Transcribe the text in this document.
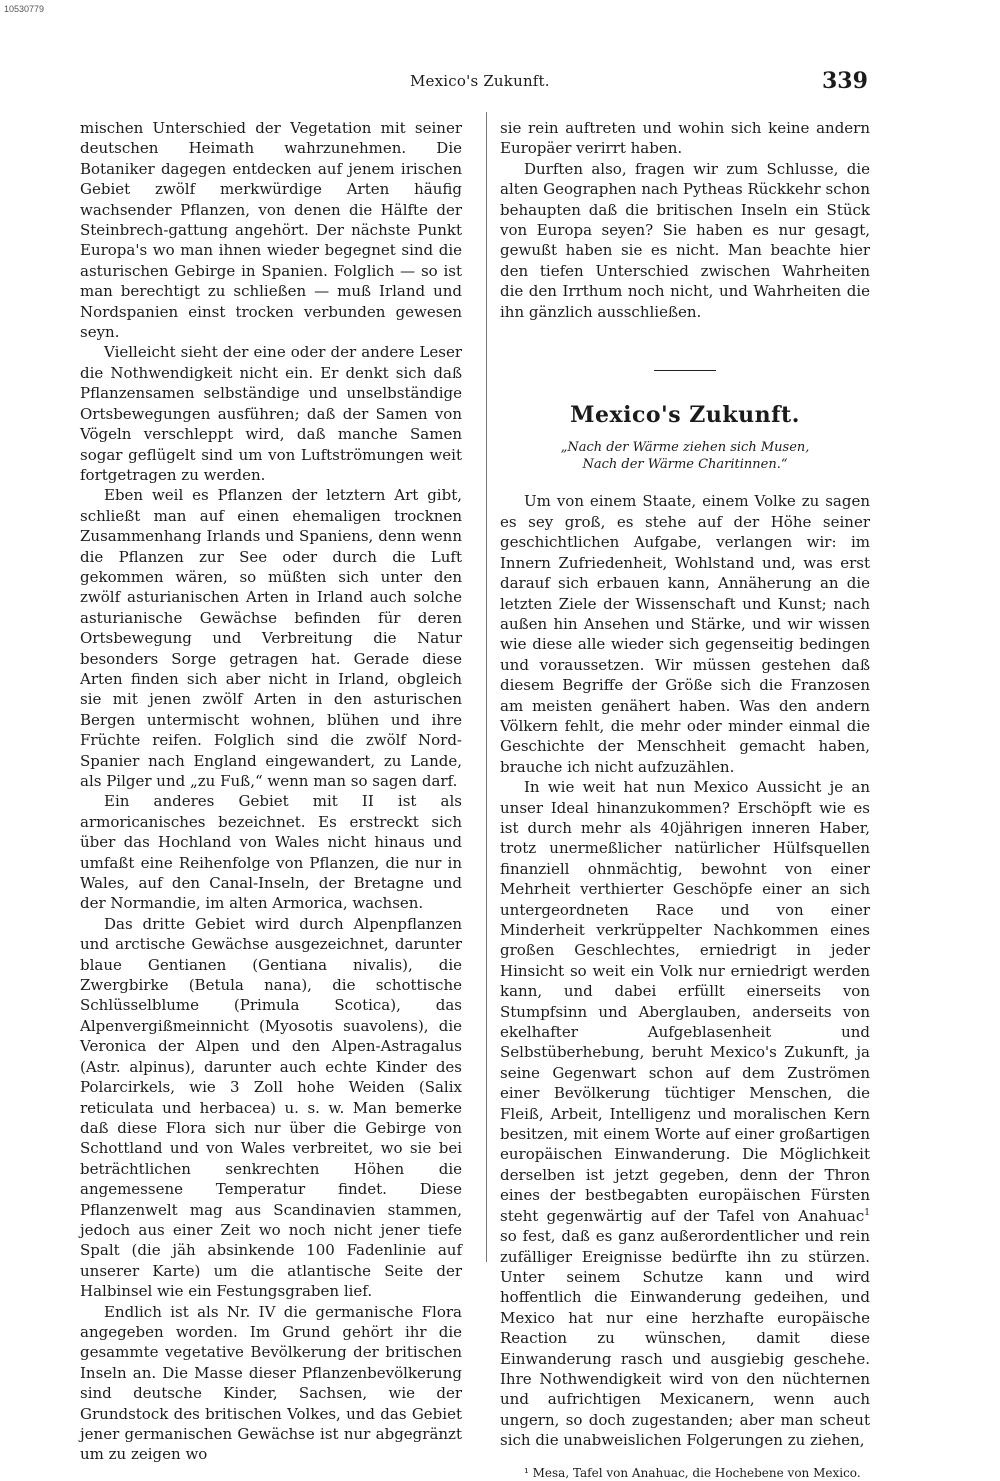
10530779
Mexico's Zukunft.	339

mischen Unterschied der Vegetation mit seiner deutschen Heimath wahrzunehmen. Die Botaniker dagegen entdecken auf jenem irischen Gebiet zwölf merkwürdige Arten häufig wachsender Pflanzen, von denen die Hälfte der Steinbrech-gattung angehört. Der nächste Punkt Europa's wo man ihnen wieder begegnet sind die asturischen Gebirge in Spanien. Folglich — so ist man berechtigt zu schließen — muß Irland und Nordspanien einst trocken verbunden gewesen seyn.

Vielleicht sieht der eine oder der andere Leser die Nothwendigkeit nicht ein. Er denkt sich daß Pflanzensamen selbständige und unselbständige Ortsbewegungen ausführen; daß der Samen von Vögeln verschleppt wird, daß manche Samen sogar geflügelt sind um von Luftströmungen weit fortgetragen zu werden.

Eben weil es Pflanzen der letztern Art gibt, schließt man auf einen ehemaligen trocknen Zusammenhang Irlands und Spaniens, denn wenn die Pflanzen zur See oder durch die Luft gekommen wären, so müßten sich unter den zwölf asturianischen Arten in Irland auch solche asturianische Gewächse befinden für deren Ortsbewegung und Verbreitung die Natur besonders Sorge getragen hat. Gerade diese Arten finden sich aber nicht in Irland, obgleich sie mit jenen zwölf Arten in den asturischen Bergen untermischt wohnen, blühen und ihre Früchte reifen. Folglich sind die zwölf Nord-Spanier nach England eingewandert, zu Lande, als Pilger und „zu Fuß,“ wenn man so sagen darf.

Ein anderes Gebiet mit II ist als armoricanisches bezeichnet. Es erstreckt sich über das Hochland von Wales nicht hinaus und umfaßt eine Reihenfolge von Pflanzen, die nur in Wales, auf den Canal-Inseln, der Bretagne und der Normandie, im alten Armorica, wachsen.

Das dritte Gebiet wird durch Alpenpflanzen und arctische Gewächse ausgezeichnet, darunter blaue Gentianen (Gentiana nivalis), die Zwergbirke (Betula nana), die schottische Schlüsselblume (Primula Scotica), das Alpenvergißmeinnicht (Myosotis suavolens), die Veronica der Alpen und den Alpen-Astragalus (Astr. alpinus), darunter auch echte Kinder des Polarcirkels, wie 3 Zoll hohe Weiden (Salix reticulata und herbacea) u. s. w. Man bemerke daß diese Flora sich nur über die Gebirge von Schottland und von Wales verbreitet, wo sie bei beträchtlichen senkrechten Höhen die angemessene Temperatur findet. Diese Pflanzenwelt mag aus Scandinavien stammen, jedoch aus einer Zeit wo noch nicht jener tiefe Spalt (die jäh absinkende 100 Fadenlinie auf unserer Karte) um die atlantische Seite der Halbinsel wie ein Festungsgraben lief.

Endlich ist als Nr. IV die germanische Flora angegeben worden. Im Grund gehört ihr die gesammte vegetative Bevölkerung der britischen Inseln an. Die Masse dieser Pflanzenbevölkerung sind deutsche Kinder, Sachsen, wie der Grundstock des britischen Volkes, und das Gebiet jener germanischen Gewächse ist nur abgegränzt um zu zeigen wo

sie rein auftreten und wohin sich keine andern Europäer verirrt haben.

Durften also, fragen wir zum Schlusse, die alten Geographen nach Pytheas Rückkehr schon behaupten daß die britischen Inseln ein Stück von Europa seyen? Sie haben es nur gesagt, gewußt haben sie es nicht. Man beachte hier den tiefen Unterschied zwischen Wahrheiten die den Irrthum noch nicht, und Wahrheiten die ihn gänzlich ausschließen.

Mexico's Zukunft.
„Nach der Wärme ziehen sich Musen,
Nach der Wärme Charitinnen.“

Um von einem Staate, einem Volke zu sagen es sey groß, es stehe auf der Höhe seiner geschichtlichen Aufgabe, verlangen wir: im Innern Zufriedenheit, Wohlstand und, was erst darauf sich erbauen kann, Annäherung an die letzten Ziele der Wissenschaft und Kunst; nach außen hin Ansehen und Stärke, und wir wissen wie diese alle wieder sich gegenseitig bedingen und voraussetzen. Wir müssen gestehen daß diesem Begriffe der Größe sich die Franzosen am meisten genähert haben. Was den andern Völkern fehlt, die mehr oder minder einmal die Geschichte der Menschheit gemacht haben, brauche ich nicht aufzuzählen.

In wie weit hat nun Mexico Aussicht je an unser Ideal hinanzukommen? Erschöpft wie es ist durch mehr als 40jährigen inneren Haber, trotz unermeßlicher natürlicher Hülfsquellen finanziell ohnmächtig, bewohnt von einer Mehrheit verthierter Geschöpfe einer an sich untergeordneten Race und von einer Minderheit verkrüppelter Nachkommen eines großen Geschlechtes, erniedrigt in jeder Hinsicht so weit ein Volk nur erniedrigt werden kann, und dabei erfüllt einerseits von Stumpfsinn und Aberglauben, anderseits von ekelhafter Aufgeblasenheit und Selbstüberhebung, beruht Mexico's Zukunft, ja seine Gegenwart schon auf dem Zuströmen einer Bevölkerung tüchtiger Menschen, die Fleiß, Arbeit, Intelligenz und moralischen Kern besitzen, mit einem Worte auf einer großartigen europäischen Einwanderung. Die Möglichkeit derselben ist jetzt gegeben, denn der Thron eines der bestbegabten europäischen Fürsten steht gegenwärtig auf der Tafel von Anahuac$^1$ so fest, daß es ganz außerordentlicher und rein zufälliger Ereignisse bedürfte ihn zu stürzen. Unter seinem Schutze kann und wird hoffentlich die Einwanderung gedeihen, und Mexico hat nur eine herzhafte europäische Reaction zu wünschen, damit diese Einwanderung rasch und ausgiebig geschehe. Ihre Nothwendigkeit wird von den nüchternen und aufrichtigen Mexicanern, wenn auch ungern, so doch zugestanden; aber man scheut sich die unabweislichen Folgerungen zu ziehen,

¹ Mesa, Tafel von Anahuac, die Hochebene von Mexico.
